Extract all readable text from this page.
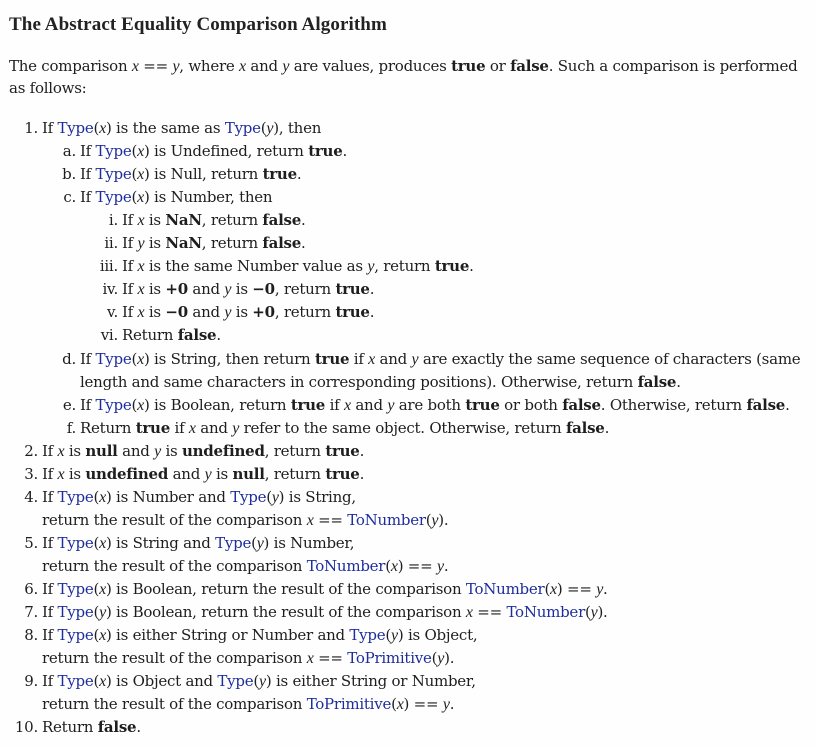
The Abstract Equality Comparison Algorithm

The comparison x == y, where x and y are values, produces true or false. Such a comparison is performed

as follows:

1. If Type(x) is the same as Type(y), then

a. If Type(x) is Undefined, return true.

b. If Type(x) is Null, return true.

c. If Type(x) is Number, then

i. If x is NaN, return false.

ii. If y is NaN, return false.

iii. If x is the same Number value as y, return true.

iv. If x is +0 and y is −0, return true.

v. If x is −0 and y is +0, return true.

vi. Return false.

d. If Type(x) is String, then return true if x and y are exactly the same sequence of characters (same

length and same characters in corresponding positions). Otherwise, return false.

e. If Type(x) is Boolean, return true if x and y are both true or both false. Otherwise, return false.

f. Return true if x and y refer to the same object. Otherwise, return false.

2. If x is null and y is undefined, return true.

3. If x is undefined and y is null, return true.

4. If Type(x) is Number and Type(y) is String,

return the result of the comparison x == ToNumber(y).

5. If Type(x) is String and Type(y) is Number,

return the result of the comparison ToNumber(x) == y.

6. If Type(x) is Boolean, return the result of the comparison ToNumber(x) == y.

7. If Type(y) is Boolean, return the result of the comparison x == ToNumber(y).

8. If Type(x) is either String or Number and Type(y) is Object,

return the result of the comparison x == ToPrimitive(y).

9. If Type(x) is Object and Type(y) is either String or Number,

return the result of the comparison ToPrimitive(x) == y.

10. Return false.
